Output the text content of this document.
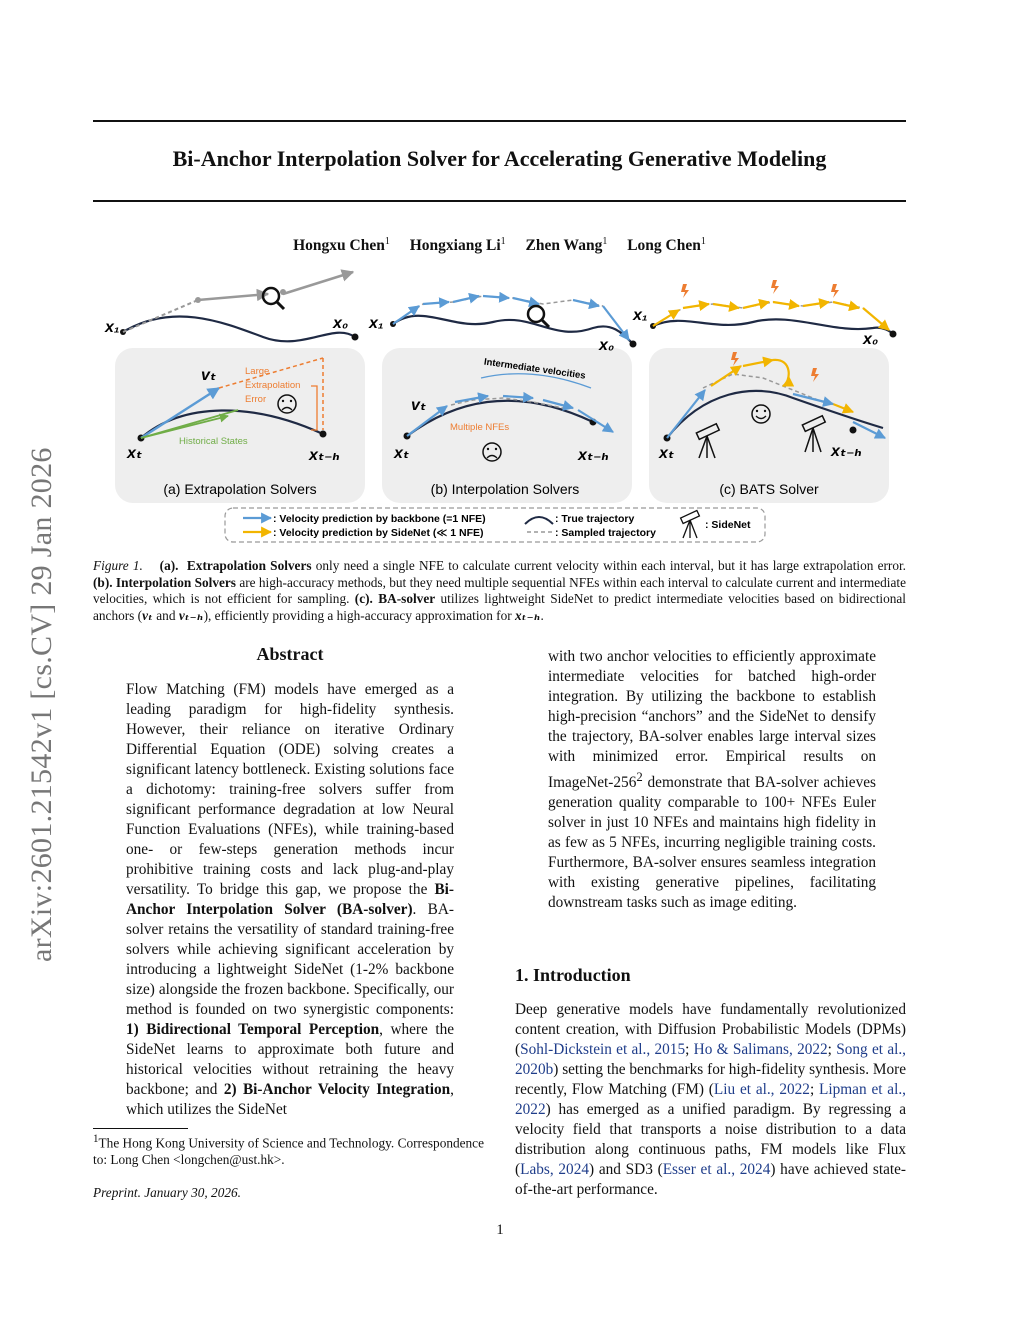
arXiv:2601.21542v1 [cs.CV] 29 Jan 2026
Bi-Anchor Interpolation Solver for Accelerating Generative Modeling
Hongxu Chen$^1$ Hongxiang Li$^1$ Zhen Wang$^1$ Long Chen$^1$
x₁	x₀
vₜ	Large
Extrapolation
Error
Historical States
xₜ	xₜ₋ₕ
(a) Extrapolation Solvers
x₁
x₀
Intermediate velocities
vₜ
Multiple NFEs
xₜ	xₜ₋ₕ
(b) Interpolation Solvers
x₁
x₀
xₜ	xₜ₋ₕ
(c) BATS Solver
: Velocity prediction by backbone (=1 NFE)
: Velocity prediction by SideNet (≪ 1 NFE)
: True trajectory
: Sampled trajectory
: SideNet
Figure 1. (a). Extrapolation Solvers only need a single NFE to calculate current velocity within each interval, but it has large extrapolation error. (b). Interpolation Solvers are high-accuracy methods, but they need multiple sequential NFEs within each interval to calculate current and intermediate velocities, which is not efficient for sampling. (c). BA-solver utilizes lightweight SideNet to predict intermediate velocities based on bidirectional anchors (vₜ and vₜ₋ₕ), efficiently providing a high-accuracy approximation for xₜ₋ₕ.
Abstract
Flow Matching (FM) models have emerged as a leading paradigm for high-fidelity synthesis. However, their reliance on iterative Ordinary Differential Equation (ODE) solving creates a significant latency bottleneck. Existing solutions face a dichotomy: training-free solvers suffer from significant performance degradation at low Neural Function Evaluations (NFEs), while training-based one- or few-steps generation methods incur prohibitive training costs and lack plug-and-play versatility. To bridge this gap, we propose the Bi-Anchor Interpolation Solver (BA-solver). BA-solver retains the versatility of standard training-free solvers while achieving significant acceleration by introducing a lightweight SideNet (1-2% backbone size) alongside the frozen backbone. Specifically, our method is founded on two synergistic components: 1) Bidirectional Temporal Perception, where the SideNet learns to approximate both future and historical velocities without retraining the heavy backbone; and 2) Bi-Anchor Velocity Integration, which utilizes the SideNet
with two anchor velocities to efficiently approximate intermediate velocities for batched high-order integration. By utilizing the backbone to establish high-precision “anchors” and the SideNet to densify the trajectory, BA-solver enables large interval sizes with minimized error. Empirical results on ImageNet-$256^2$ demonstrate that BA-solver achieves generation quality comparable to 100+ NFEs Euler solver in just 10 NFEs and maintains high fidelity in as few as 5 NFEs, incurring negligible training costs. Furthermore, BA-solver ensures seamless integration with existing generative pipelines, facilitating downstream tasks such as image editing.
1. Introduction
Deep generative models have fundamentally revolutionized content creation, with Diffusion Probabilistic Models (DPMs) (Sohl-Dickstein et al., 2015; Ho & Salimans, 2022; Song et al., 2020b) setting the benchmarks for high-fidelity synthesis. More recently, Flow Matching (FM) (Liu et al., 2022; Lipman et al., 2022) has emerged as a unified paradigm. By regressing a velocity field that transports a noise distribution to a data distribution along continuous paths, FM models like Flux (Labs, 2024) and SD3 (Esser et al., 2024) have achieved state-of-the-art performance.
$^1$The Hong Kong University of Science and Technology. Correspondence to: Long Chen <longchen@ust.hk>.
Preprint. January 30, 2026.
1
